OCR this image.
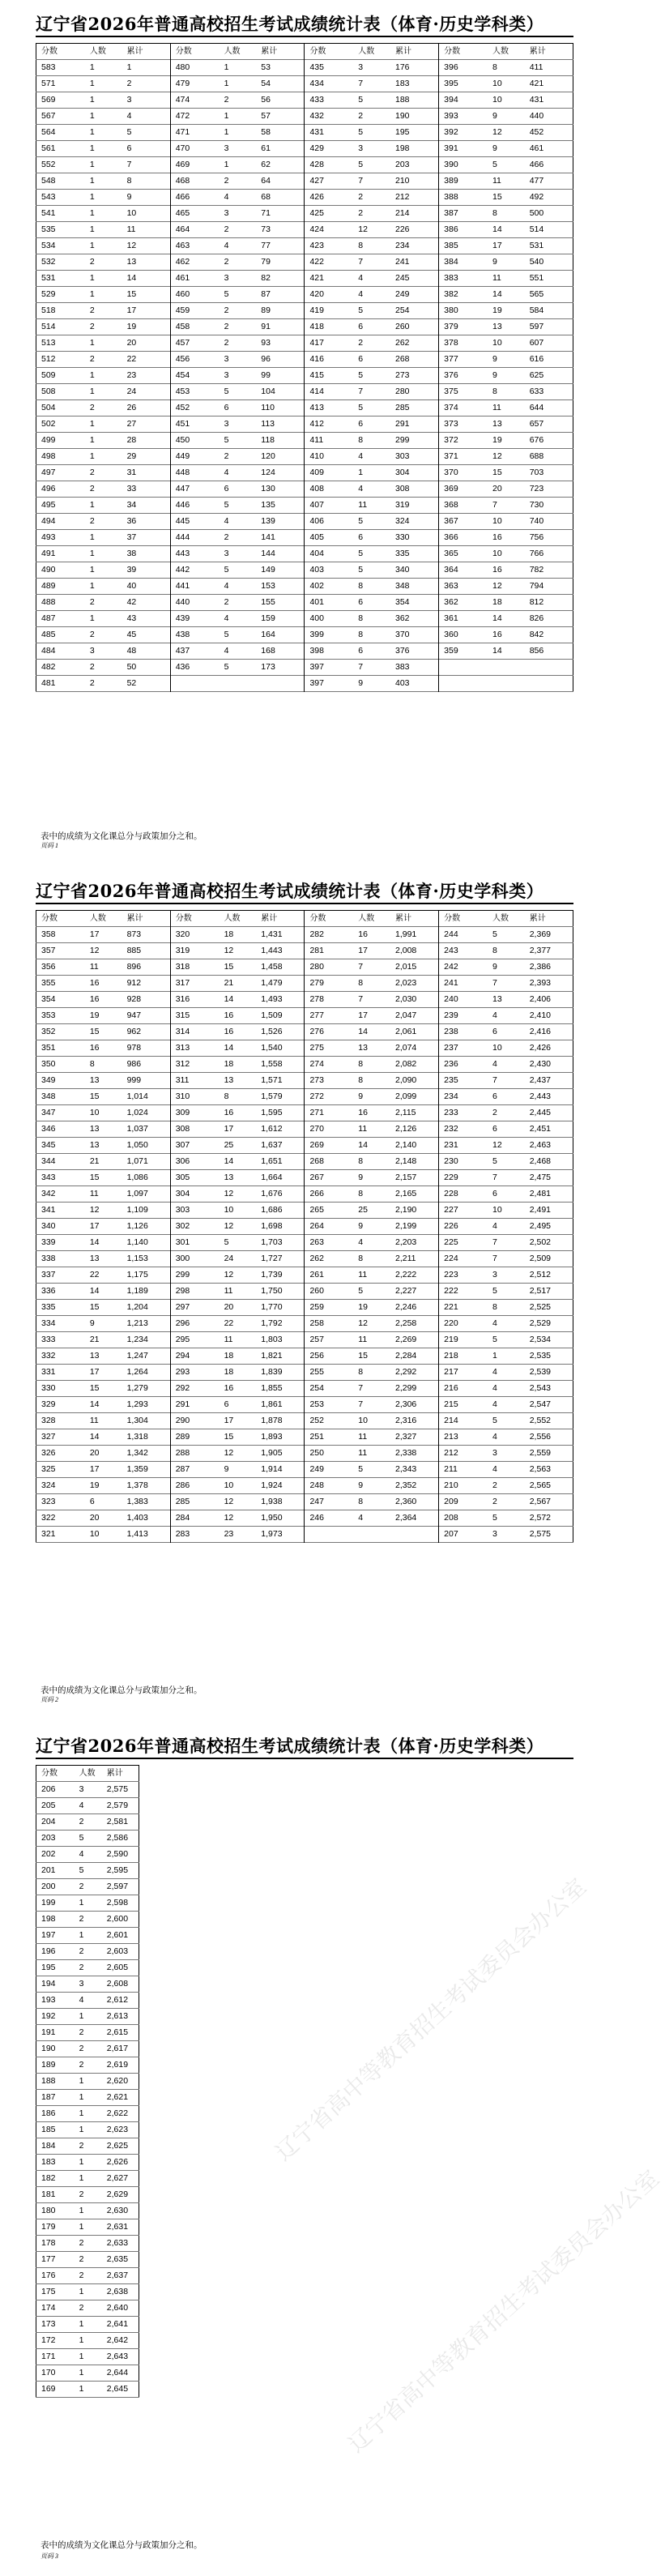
辽宁省2026年普通高校招生考试成绩统计表（体育·历史学科类）
分数	人数	累计	分数	人数	累计	分数	人数	累计	分数	人数	累计
583	1	1	480	1	53	435	3	176	396	8	411
571	1	2	479	1	54	434	7	183	395	10	421
569	1	3	474	2	56	433	5	188	394	10	431
567	1	4	472	1	57	432	2	190	393	9	440
564	1	5	471	1	58	431	5	195	392	12	452
561	1	6	470	3	61	429	3	198	391	9	461
552	1	7	469	1	62	428	5	203	390	5	466
548	1	8	468	2	64	427	7	210	389	11	477
543	1	9	466	4	68	426	2	212	388	15	492
541	1	10	465	3	71	425	2	214	387	8	500
535	1	11	464	2	73	424	12	226	386	14	514
534	1	12	463	4	77	423	8	234	385	17	531
532	2	13	462	2	79	422	7	241	384	9	540
531	1	14	461	3	82	421	4	245	383	11	551
529	1	15	460	5	87	420	4	249	382	14	565
518	2	17	459	2	89	419	5	254	380	19	584
514	2	19	458	2	91	418	6	260	379	13	597
513	1	20	457	2	93	417	2	262	378	10	607
512	2	22	456	3	96	416	6	268	377	9	616
509	1	23	454	3	99	415	5	273	376	9	625
508	1	24	453	5	104	414	7	280	375	8	633
504	2	26	452	6	110	413	5	285	374	11	644
502	1	27	451	3	113	412	6	291	373	13	657
499	1	28	450	5	118	411	8	299	372	19	676
498	1	29	449	2	120	410	4	303	371	12	688
497	2	31	448	4	124	409	1	304	370	15	703
496	2	33	447	6	130	408	4	308	369	20	723
495	1	34	446	5	135	407	11	319	368	7	730
494	2	36	445	4	139	406	5	324	367	10	740
493	1	37	444	2	141	405	6	330	366	16	756
491	1	38	443	3	144	404	5	335	365	10	766
490	1	39	442	5	149	403	5	340	364	16	782
489	1	40	441	4	153	402	8	348	363	12	794
488	2	42	440	2	155	401	6	354	362	18	812
487	1	43	439	4	159	400	8	362	361	14	826
485	2	45	438	5	164	399	8	370	360	16	842
484	3	48	437	4	168	398	6	376	359	14	856
482	2	50	436	5	173	397	7	383			
481	2	52				397	9	403			
表中的成绩为文化课总分与政策加分之和。
页码 1
辽宁省2026年普通高校招生考试成绩统计表（体育·历史学科类）
分数	人数	累计	分数	人数	累计	分数	人数	累计	分数	人数	累计
358	17	873	320	18	1,431	282	16	1,991	244	5	2,369
357	12	885	319	12	1,443	281	17	2,008	243	8	2,377
356	11	896	318	15	1,458	280	7	2,015	242	9	2,386
355	16	912	317	21	1,479	279	8	2,023	241	7	2,393
354	16	928	316	14	1,493	278	7	2,030	240	13	2,406
353	19	947	315	16	1,509	277	17	2,047	239	4	2,410
352	15	962	314	16	1,526	276	14	2,061	238	6	2,416
351	16	978	313	14	1,540	275	13	2,074	237	10	2,426
350	8	986	312	18	1,558	274	8	2,082	236	4	2,430
349	13	999	311	13	1,571	273	8	2,090	235	7	2,437
348	15	1,014	310	8	1,579	272	9	2,099	234	6	2,443
347	10	1,024	309	16	1,595	271	16	2,115	233	2	2,445
346	13	1,037	308	17	1,612	270	11	2,126	232	6	2,451
345	13	1,050	307	25	1,637	269	14	2,140	231	12	2,463
344	21	1,071	306	14	1,651	268	8	2,148	230	5	2,468
343	15	1,086	305	13	1,664	267	9	2,157	229	7	2,475
342	11	1,097	304	12	1,676	266	8	2,165	228	6	2,481
341	12	1,109	303	10	1,686	265	25	2,190	227	10	2,491
340	17	1,126	302	12	1,698	264	9	2,199	226	4	2,495
339	14	1,140	301	5	1,703	263	4	2,203	225	7	2,502
338	13	1,153	300	24	1,727	262	8	2,211	224	7	2,509
337	22	1,175	299	12	1,739	261	11	2,222	223	3	2,512
336	14	1,189	298	11	1,750	260	5	2,227	222	5	2,517
335	15	1,204	297	20	1,770	259	19	2,246	221	8	2,525
334	9	1,213	296	22	1,792	258	12	2,258	220	4	2,529
333	21	1,234	295	11	1,803	257	11	2,269	219	5	2,534
332	13	1,247	294	18	1,821	256	15	2,284	218	1	2,535
331	17	1,264	293	18	1,839	255	8	2,292	217	4	2,539
330	15	1,279	292	16	1,855	254	7	2,299	216	4	2,543
329	14	1,293	291	6	1,861	253	7	2,306	215	4	2,547
328	11	1,304	290	17	1,878	252	10	2,316	214	5	2,552
327	14	1,318	289	15	1,893	251	11	2,327	213	4	2,556
326	20	1,342	288	12	1,905	250	11	2,338	212	3	2,559
325	17	1,359	287	9	1,914	249	5	2,343	211	4	2,563
324	19	1,378	286	10	1,924	248	9	2,352	210	2	2,565
323	6	1,383	285	12	1,938	247	8	2,360	209	2	2,567
322	20	1,403	284	12	1,950	246	4	2,364	208	5	2,572
321	10	1,413	283	23	1,973				207	3	2,575
表中的成绩为文化课总分与政策加分之和。
页码 2
辽宁省2026年普通高校招生考试成绩统计表（体育·历史学科类）
分数	人数	累计
206	3	2,575
205	4	2,579
204	2	2,581
203	5	2,586
202	4	2,590
201	5	2,595
200	2	2,597
199	1	2,598
198	2	2,600
197	1	2,601
196	2	2,603
195	2	2,605
194	3	2,608
193	4	2,612
192	1	2,613
191	2	2,615
190	2	2,617
189	2	2,619
188	1	2,620
187	1	2,621
186	1	2,622
185	1	2,623
184	2	2,625
183	1	2,626
182	1	2,627
181	2	2,629
180	1	2,630
179	1	2,631
178	2	2,633
177	2	2,635
176	2	2,637
175	1	2,638
174	2	2,640
173	1	2,641
172	1	2,642
171	1	2,643
170	1	2,644
169	1	2,645
表中的成绩为文化课总分与政策加分之和。
页码 3
辽宁省高中等教育招生考试委员会办公室
辽宁省高中等教育招生考试委员会办公室
